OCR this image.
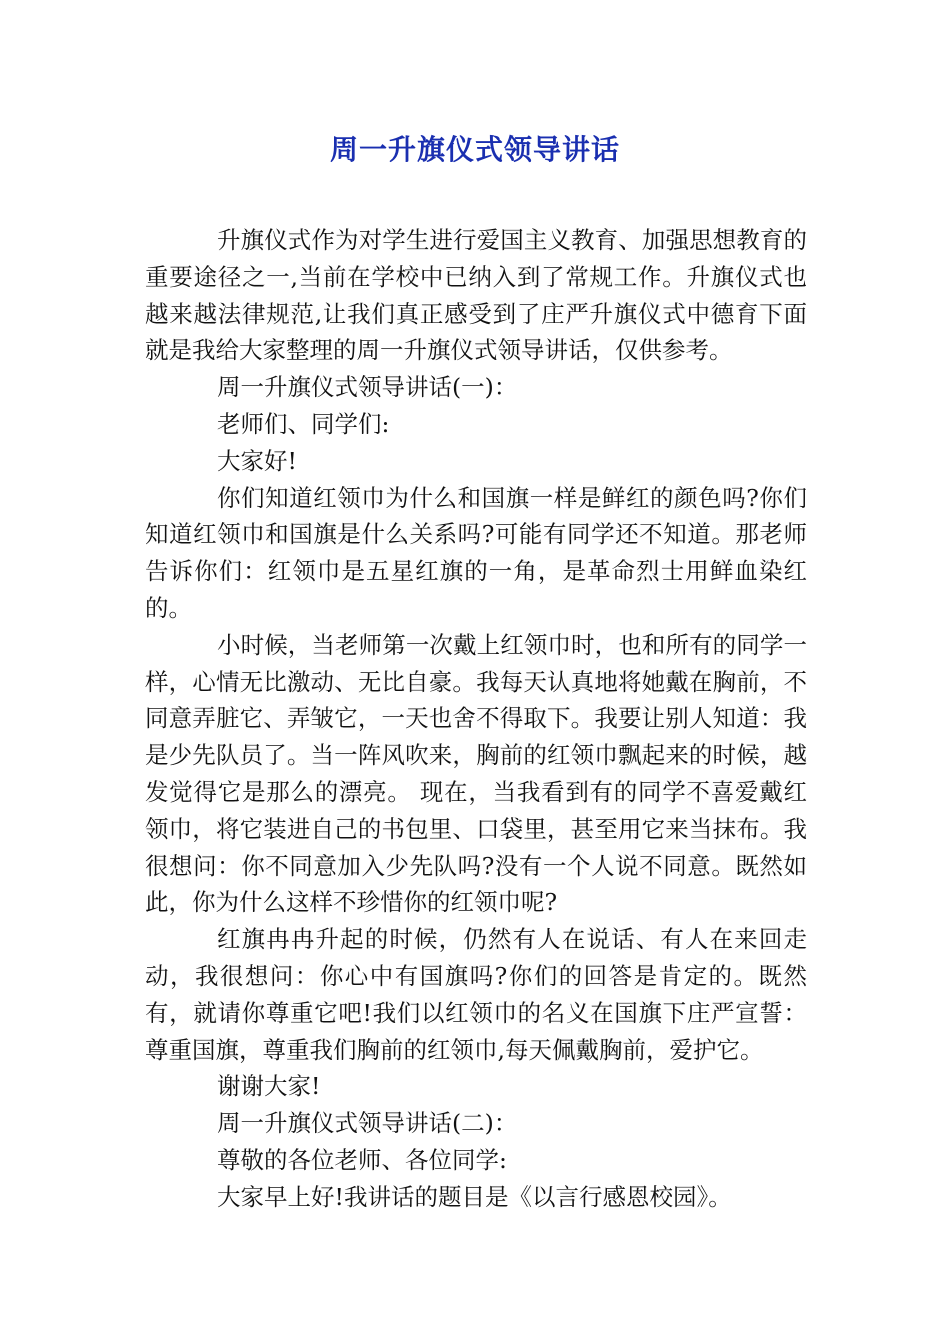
周一升旗仪式领导讲话

升旗仪式作为对学生进行爱国主义教育、加强思想教育的重要途径之一,当前在学校中已纳入到了常规工作。升旗仪式也越来越法律规范,让我们真正感受到了庄严升旗仪式中德育下面就是我给大家整理的周一升旗仪式领导讲话，仅供参考。

周一升旗仪式领导讲话(一)：

老师们、同学们:

大家好!

你们知道红领巾为什么和国旗一样是鲜红的颜色吗?你们知道红领巾和国旗是什么关系吗?可能有同学还不知道。那老师告诉你们：红领巾是五星红旗的一角，是革命烈士用鲜血染红的。

小时候，当老师第一次戴上红领巾时，也和所有的同学一样，心情无比激动、无比自豪。我每天认真地将她戴在胸前，不同意弄脏它、弄皱它，一天也舍不得取下。我要让别人知道：我是少先队员了。当一阵风吹来，胸前的红领巾飘起来的时候，越发觉得它是那么的漂亮。 现在，当我看到有的同学不喜爱戴红领巾，将它装进自己的书包里、口袋里，甚至用它来当抹布。我很想问：你不同意加入少先队吗?没有一个人说不同意。既然如此，你为什么这样不珍惜你的红领巾呢?

红旗冉冉升起的时候，仍然有人在说话、有人在来回走动，我很想问：你心中有国旗吗?你们的回答是肯定的。既然有，就请你尊重它吧!我们以红领巾的名义在国旗下庄严宣誓：尊重国旗，尊重我们胸前的红领巾,每天佩戴胸前，爱护它。

谢谢大家!

周一升旗仪式领导讲话(二)：

尊敬的各位老师、各位同学:

大家早上好!我讲话的题目是《以言行感恩校园》。
